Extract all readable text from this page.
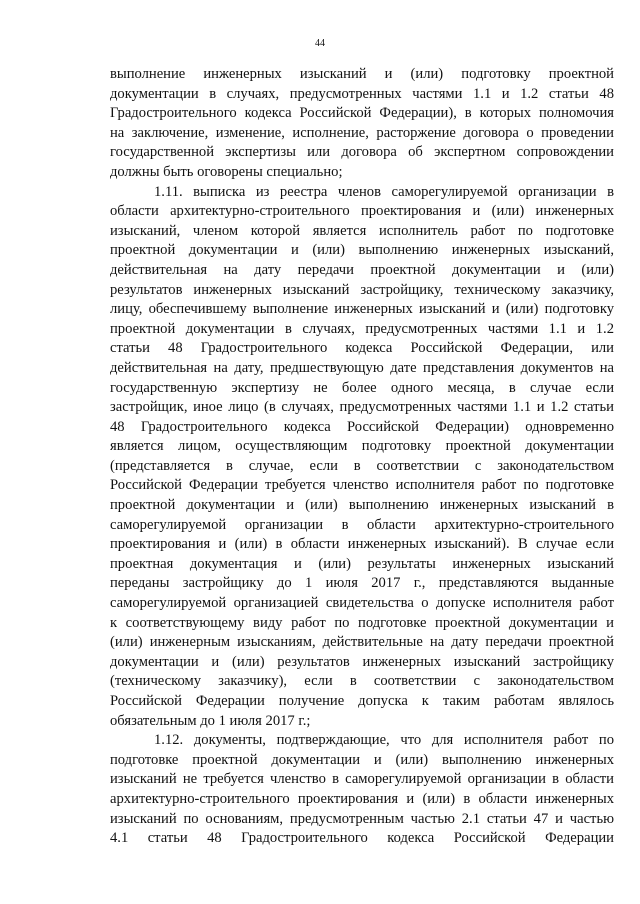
44
выполнение инженерных изысканий и (или) подготовку проектной
документации в случаях, предусмотренных частями 1.1 и 1.2 статьи 48
Градостроительного кодекса Российской Федерации), в которых полномочия
на заключение, изменение, исполнение, расторжение договора о проведении
государственной экспертизы или договора об экспертном сопровождении
должны быть оговорены специально;
1.11. выписка из реестра членов саморегулируемой организации в
области архитектурно-строительного проектирования и (или) инженерных
изысканий, членом которой является исполнитель работ по подготовке
проектной документации и (или) выполнению инженерных изысканий,
действительная на дату передачи проектной документации и (или)
результатов инженерных изысканий застройщику, техническому заказчику,
лицу, обеспечившему выполнение инженерных изысканий и (или) подготовку
проектной документации в случаях, предусмотренных частями 1.1 и 1.2
статьи 48 Градостроительного кодекса Российской Федерации, или
действительная на дату, предшествующую дате представления документов на
государственную экспертизу не более одного месяца, в случае если
застройщик, иное лицо (в случаях, предусмотренных частями 1.1 и 1.2 статьи
48 Градостроительного кодекса Российской Федерации) одновременно
является лицом, осуществляющим подготовку проектной документации
(представляется в случае, если в соответствии с законодательством
Российской Федерации требуется членство исполнителя работ по подготовке
проектной документации и (или) выполнению инженерных изысканий в
саморегулируемой организации в области архитектурно-строительного
проектирования и (или) в области инженерных изысканий). В случае если
проектная документация и (или) результаты инженерных изысканий
переданы застройщику до 1 июля 2017 г., представляются выданные
саморегулируемой организацией свидетельства о допуске исполнителя работ
к соответствующему виду работ по подготовке проектной документации и
(или) инженерным изысканиям, действительные на дату передачи проектной
документации и (или) результатов инженерных изысканий застройщику
(техническому заказчику), если в соответствии с законодательством
Российской Федерации получение допуска к таким работам являлось
обязательным до 1 июля 2017 г.;
1.12. документы, подтверждающие, что для исполнителя работ по
подготовке проектной документации и (или) выполнению инженерных
изысканий не требуется членство в саморегулируемой организации в области
архитектурно-строительного проектирования и (или) в области инженерных
изысканий по основаниям, предусмотренным частью 2.1 статьи 47 и частью
4.1 статьи 48 Градостроительного кодекса Российской Федерации
